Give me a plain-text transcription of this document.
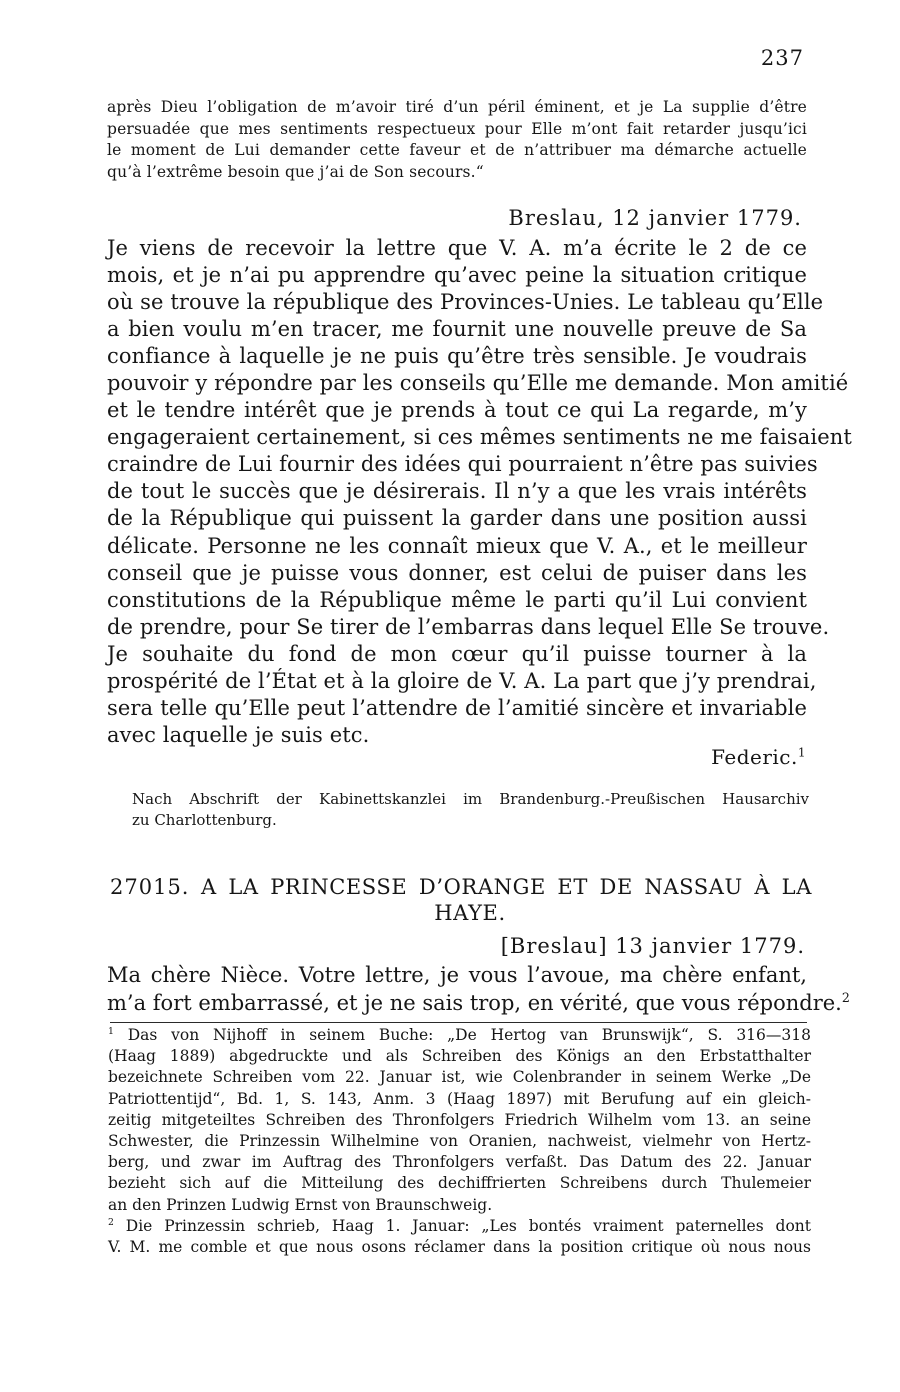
237
après Dieu l’obligation de m’avoir tiré d’un péril éminent, et je La supplie d’être
persuadée que mes sentiments respectueux pour Elle m’ont fait retarder jusqu’ici
le moment de Lui demander cette faveur et de n’attribuer ma démarche actuelle
qu’à l’extrême besoin que j’ai de Son secours.“
Breslau, 12 janvier 1779.
Je viens de recevoir la lettre que V. A. m’a écrite le 2 de ce
mois, et je n’ai pu apprendre qu’avec peine la situation critique
où se trouve la république des Provinces-Unies. Le tableau qu’Elle
a bien voulu m’en tracer, me fournit une nouvelle preuve de Sa
confiance à laquelle je ne puis qu’être très sensible. Je voudrais
pouvoir y répondre par les conseils qu’Elle me demande. Mon amitié
et le tendre intérêt que je prends à tout ce qui La regarde, m’y
engageraient certainement, si ces mêmes sentiments ne me faisaient
craindre de Lui fournir des idées qui pourraient n’être pas suivies
de tout le succès que je désirerais. Il n’y a que les vrais intérêts
de la République qui puissent la garder dans une position aussi
délicate. Personne ne les connaît mieux que V. A., et le meilleur
conseil que je puisse vous donner, est celui de puiser dans les
constitutions de la République même le parti qu’il Lui convient
de prendre, pour Se tirer de l’embarras dans lequel Elle Se trouve.
Je souhaite du fond de mon cœur qu’il puisse tourner à la
prospérité de l’État et à la gloire de V. A. La part que j’y prendrai,
sera telle qu’Elle peut l’attendre de l’amitié sincère et invariable
avec laquelle je suis etc.
Federic.$^1$
Nach Abschrift der Kabinettskanzlei im Brandenburg.-Preußischen Hausarchiv
zu Charlottenburg.
27015. A LA PRINCESSE D’ORANGE ET DE NASSAU À LA
HAYE.
[Breslau] 13 janvier 1779.
Ma chère Nièce. Votre lettre, je vous l’avoue, ma chère enfant,
m’a fort embarrassé, et je ne sais trop, en vérité, que vous répondre.$^2$
$^1$ Das von Nijhoff in seinem Buche: „De Hertog van Brunswijk“, S. 316—318
(Haag 1889) abgedruckte und als Schreiben des Königs an den Erbstatthalter
bezeichnete Schreiben vom 22. Januar ist, wie Colenbrander in seinem Werke „De
Patriottentijd“, Bd. 1, S. 143, Anm. 3 (Haag 1897) mit Berufung auf ein gleich-
zeitig mitgeteiltes Schreiben des Thronfolgers Friedrich Wilhelm vom 13. an seine
Schwester, die Prinzessin Wilhelmine von Oranien, nachweist, vielmehr von Hertz-
berg, und zwar im Auftrag des Thronfolgers verfaßt. Das Datum des 22. Januar
bezieht sich auf die Mitteilung des dechiffrierten Schreibens durch Thulemeier
an den Prinzen Ludwig Ernst von Braunschweig.
$^2$ Die Prinzessin schrieb, Haag 1. Januar: „Les bontés vraiment paternelles dont
V. M. me comble et que nous osons réclamer dans la position critique où nous nous
